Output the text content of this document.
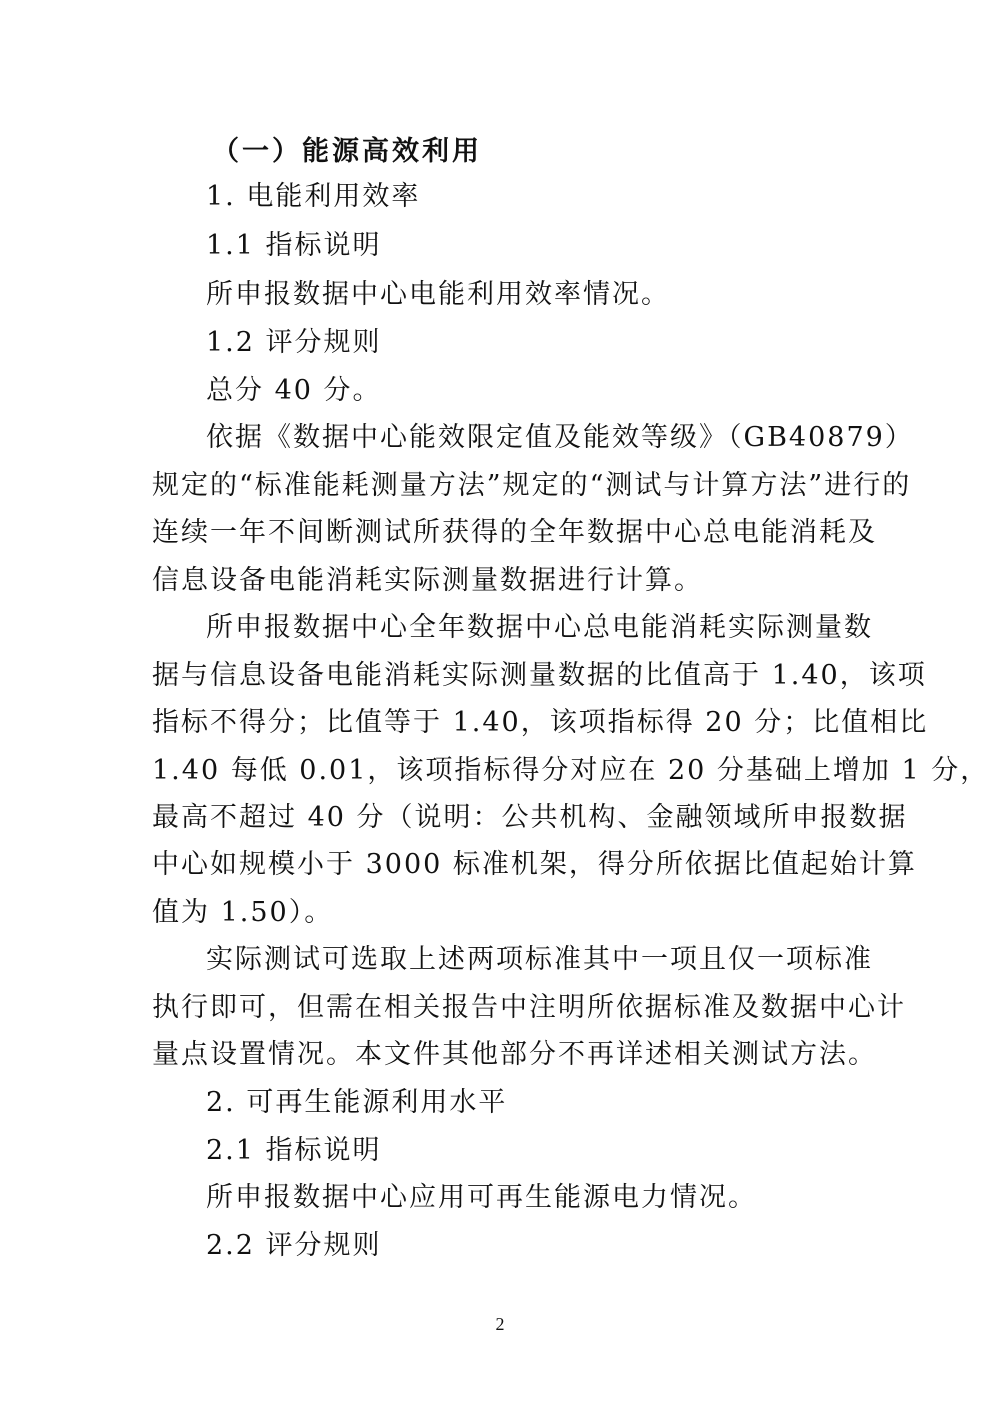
（一）能源高效利用
1. 电能利用效率
1.1 指标说明
所申报数据中心电能利用效率情况。
1.2 评分规则
总分 40 分。
依据《数据中心能效限定值及能效等级》（GB40879）
规定的“标准能耗测量方法”规定的“测试与计算方法”进行的
连续一年不间断测试所获得的全年数据中心总电能消耗及
信息设备电能消耗实际测量数据进行计算。
所申报数据中心全年数据中心总电能消耗实际测量数
据与信息设备电能消耗实际测量数据的比值高于 1.40，该项
指标不得分；比值等于 1.40，该项指标得 20 分；比值相比
1.40 每低 0.01，该项指标得分对应在 20 分基础上增加 1 分，
最高不超过 40 分（说明：公共机构、金融领域所申报数据
中心如规模小于 3000 标准机架，得分所依据比值起始计算
值为 1.50）。
实际测试可选取上述两项标准其中一项且仅一项标准
执行即可，但需在相关报告中注明所依据标准及数据中心计
量点设置情况。本文件其他部分不再详述相关测试方法。
2. 可再生能源利用水平
2.1 指标说明
所申报数据中心应用可再生能源电力情况。
2.2 评分规则
2
